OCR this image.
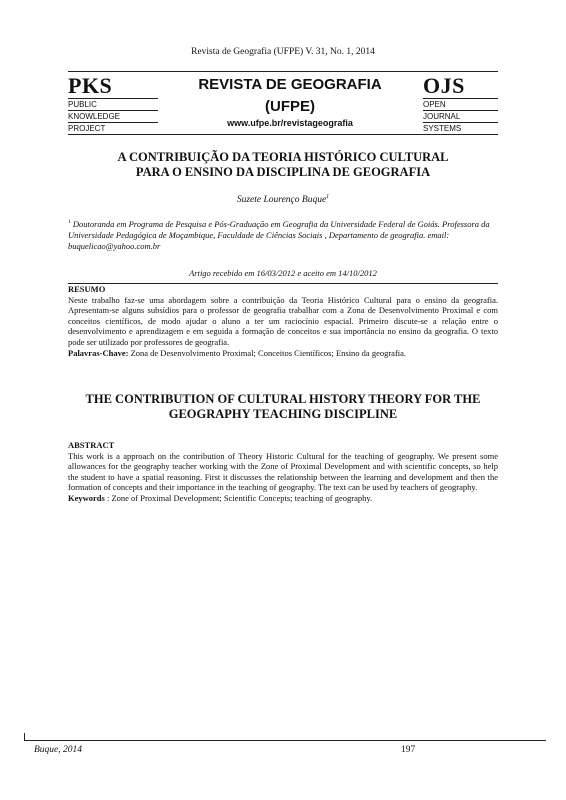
Revista de Geografia (UFPE) V. 31, No. 1, 2014
PKS
PUBLIC
KNOWLEDGE
PROJECT
REVISTA DE GEOGRAFIA
(UFPE)
www.ufpe.br/revistageografia
OJS
OPEN
JOURNAL
SYSTEMS
A CONTRIBUIÇÃO DA TEORIA HISTÓRICO CULTURAL
PARA O ENSINO DA DISCIPLINA DE GEOGRAFIA
Suzete Lourenço Buque$^1$
$^1$ Doutoranda em Programa de Pesquisa e Pós-Graduação em Geografia da Universidade Federal de Goiás. Professora da Universidade Pedagógica de Moçambique, Faculdade de Ciências Sociais , Departamento de geografia. email: buquelicao@yahoo.com.br
Artigo recebido em 16/03/2012 e aceito em 14/10/2012
RESUMO
Neste trabalho faz-se uma abordagem sobre a contribuição da Teoria Histórico Cultural para o ensino da geografia. Apresentam-se alguns subsídios para o professor de geografia trabalhar com a Zona de Desenvolvimento Proximal e com conceitos científicos, de modo ajudar o aluno a ter um raciocínio espacial. Primeiro discute-se a relação entre o desenvolvimento e aprendizagem e em seguida a formação de conceitos e sua importância no ensino da geografia. O texto pode ser utilizado por professores de geografia.
Palavras-Chave: Zona de Desenvolvimento Proximal; Conceitos Científicos; Ensino da geografia.
THE CONTRIBUTION OF CULTURAL HISTORY THEORY FOR THE
GEOGRAPHY TEACHING DISCIPLINE
ABSTRACT
This work is a approach on the contribution of Theory Historic Cultural for the teaching of geography. We present some allowances for the geography teacher working with the Zone of Proximal Development and with scientific concepts, so help the student to have a spatial reasoning. First it discusses the relationship between the learning and development and then the formation of concepts and their importance in the teaching of geography. The text can be used by teachers of geography.
Keywords : Zone of Proximal Development; Scientific Concepts; teaching of geography.
Buque, 2014	197
